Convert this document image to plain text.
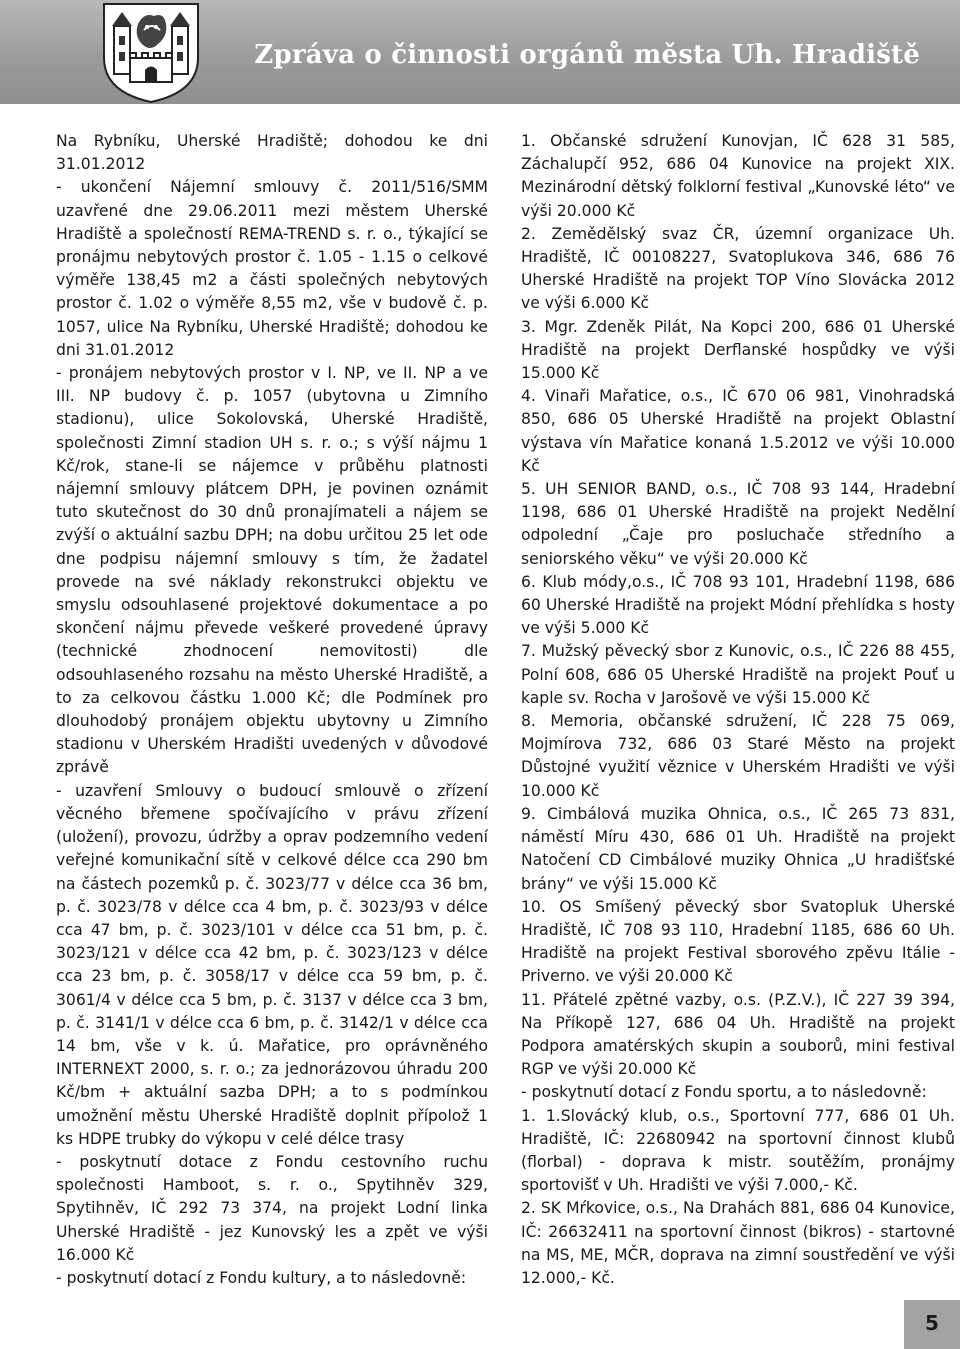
Zpráva o činnosti orgánů města Uh. Hradiště

Na Rybníku, Uherské Hradiště; dohodou ke dni 31.01.2012

- ukončení Nájemní smlouvy č. 2011/516/SMM uzavřené dne 29.06.2011 mezi městem Uherské Hradiště a společností REMA-TREND s. r. o., týkající se pronájmu nebytových prostor č. 1.05 - 1.15 o celkové výměře 138,45 m2 a části společných nebytových prostor č. 1.02 o výměře 8,55 m2, vše v budově č. p. 1057, ulice Na Rybníku, Uherské Hradiště; dohodou ke dni 31.01.2012

- pronájem nebytových prostor v I. NP, ve II. NP a ve III. NP budovy č. p. 1057 (ubytovna u Zimního stadionu), ulice Sokolovská, Uherské Hradiště, společnosti Zimní stadion UH s. r. o.; s výší nájmu 1 Kč/rok, stane-li se nájemce v průběhu platnosti nájemní smlouvy plátcem DPH, je povinen oznámit tuto skutečnost do 30 dnů pronajímateli a nájem se zvýší o aktuální sazbu DPH; na dobu určitou 25 let ode dne podpisu nájemní smlouvy s tím, že žadatel provede na své náklady rekonstrukci objektu ve smyslu odsouhlasené projektové dokumentace a po skončení nájmu převede veškeré provedené úpravy (technické zhodnocení nemovitosti) dle odsouhlaseného rozsahu na město Uherské Hradiště, a to za celkovou částku 1.000 Kč; dle Podmínek pro dlouhodobý pronájem objektu ubytovny u Zimního stadionu v Uherském Hradišti uvedených v důvodové zprávě

- uzavření Smlouvy o budoucí smlouvě o zřízení věcného břemene spočívajícího v právu zřízení (uložení), provozu, údržby a oprav podzemního vedení veřejné komunikační sítě v celkové délce cca 290 bm na částech pozemků p. č. 3023/77 v délce cca 36 bm, p. č. 3023/78 v délce cca 4 bm, p. č. 3023/93 v délce cca 47 bm, p. č. 3023/101 v délce cca 51 bm, p. č. 3023/121 v délce cca 42 bm, p. č. 3023/123 v délce cca 23 bm, p. č. 3058/17 v délce cca 59 bm, p. č. 3061/4 v délce cca 5 bm, p. č. 3137 v délce cca 3 bm, p. č. 3141/1 v délce cca 6 bm, p. č. 3142/1 v délce cca 14 bm, vše v k. ú. Mařatice, pro oprávněného INTERNEXT 2000, s. r. o.; za jednorázovou úhradu 200 Kč/bm + aktuální sazba DPH; a to s podmínkou umožnění městu Uherské Hradiště doplnit přípolož 1 ks HDPE trubky do výkopu v celé délce trasy

- poskytnutí dotace z Fondu cestovního ruchu společnosti Hamboot, s. r. o., Spytihněv 329, Spytihněv, IČ 292 73 374, na projekt Lodní linka Uherské Hradiště - jez Kunovský les a zpět ve výši 16.000 Kč

- poskytnutí dotací z Fondu kultury, a to následovně:

1. Občanské sdružení Kunovjan, IČ 628 31 585, Záchalupčí 952, 686 04 Kunovice na projekt XIX. Mezinárodní dětský folklorní festival „Kunovské léto“ ve výši 20.000 Kč

2. Zemědělský svaz ČR, územní organizace Uh. Hradiště, IČ 00108227, Svatoplukova 346, 686 76 Uherské Hradiště na projekt TOP Víno Slovácka 2012 ve výši 6.000 Kč

3. Mgr. Zdeněk Pilát, Na Kopci 200, 686 01 Uherské Hradiště na projekt Derflanské hospůdky ve výši 15.000 Kč

4. Vinaři Mařatice, o.s., IČ 670 06 981, Vinohradská 850, 686 05 Uherské Hradiště na projekt Oblastní výstava vín Mařatice konaná 1.5.2012 ve výši 10.000 Kč

5. UH SENIOR BAND, o.s., IČ 708 93 144, Hradební 1198, 686 01 Uherské Hradiště na projekt Nedělní odpolední „Čaje pro posluchače středního a seniorského věku“ ve výši 20.000 Kč

6. Klub módy,o.s., IČ 708 93 101, Hradební 1198, 686 60 Uherské Hradiště na projekt Módní přehlídka s hosty ve výši 5.000 Kč

7. Mužský pěvecký sbor z Kunovic, o.s., IČ 226 88 455, Polní 608, 686 05 Uherské Hradiště na projekt Pouť u kaple sv. Rocha v Jarošově ve výši 15.000 Kč

8. Memoria, občanské sdružení, IČ 228 75 069, Mojmírova 732, 686 03 Staré Město na projekt Důstojné využití věznice v Uherském Hradišti ve výši 10.000 Kč

9. Cimbálová muzika Ohnica, o.s., IČ 265 73 831, náměstí Míru 430, 686 01 Uh. Hradiště na projekt Natočení CD Cimbálové muziky Ohnica „U hradišťské brány“ ve výši 15.000 Kč

10. OS Smíšený pěvecký sbor Svatopluk Uherské Hradiště, IČ 708 93 110, Hradební 1185, 686 60 Uh. Hradiště na projekt Festival sborového zpěvu Itálie - Priverno. ve výši 20.000 Kč

11. Přátelé zpětné vazby, o.s. (P.Z.V.), IČ 227 39 394, Na Příkopě 127, 686 04 Uh. Hradiště na projekt Podpora amatérských skupin a souborů, mini festival RGP ve výši 20.000 Kč

- poskytnutí dotací z Fondu sportu, a to následovně:

1. 1.Slovácký klub, o.s., Sportovní 777, 686 01 Uh. Hradiště, IČ: 22680942 na sportovní činnost klubů (florbal) - doprava k mistr. soutěžím, pronájmy sportovišť v Uh. Hradišti ve výši 7.000,- Kč.

2. SK Mŕkovice, o.s., Na Drahách 881, 686 04 Kunovice, IČ: 26632411 na sportovní činnost (bikros) - startovné na MS, ME, MČR, doprava na zimní soustředění ve výši 12.000,- Kč.

5
